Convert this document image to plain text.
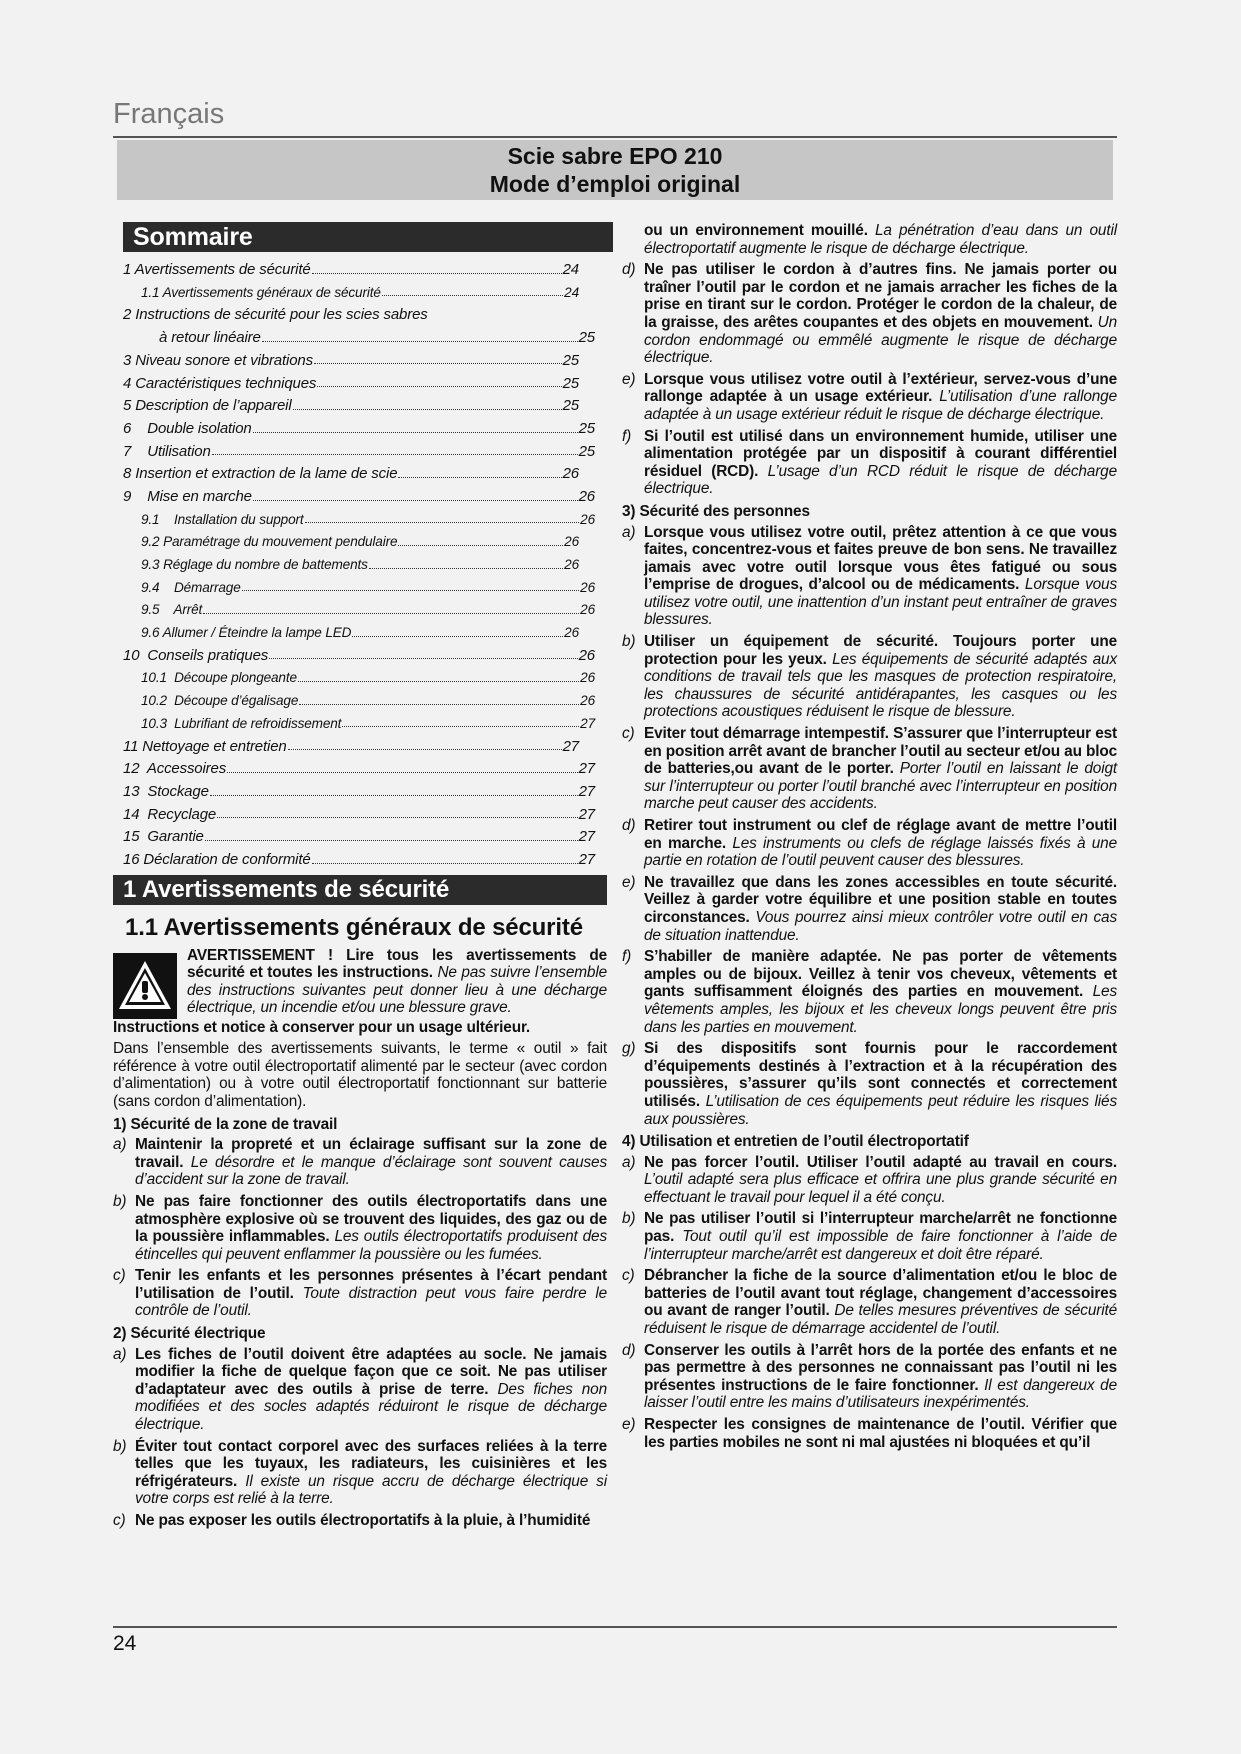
Français
Scie sabre EPO 210
Mode d’emploi original
Sommaire
1 Avertissements de sécurité	24
1.1 Avertissements généraux de sécurité	24
2 Instructions de sécurité pour les scies sabres
à retour linéaire	25
3 Niveau sonore et vibrations	25
4 Caractéristiques techniques	25
5 Description de l’appareil	25
6    Double isolation	25
7    Utilisation	25
8 Insertion et extraction de la lame de scie	26
9    Mise en marche	26
9.1    Installation du support	26
9.2 Paramétrage du mouvement pendulaire	26
9.3 Réglage du nombre de battements	26
9.4    Démarrage	26
9.5    Arrêt	26
9.6 Allumer / Éteindre la lampe LED	26
10  Conseils pratiques	26
10.1  Découpe plongeante	26
10.2  Découpe d’égalisage	26
10.3  Lubrifiant de refroidissement	27
11 Nettoyage et entretien	27
12  Accessoires	27
13  Stockage	27
14  Recyclage	27
15  Garantie	27
16 Déclaration de conformité	27
1 Avertissements de sécurité
1.1 Avertissements généraux de sécurité
AVERTISSEMENT ! Lire tous les avertissements de sécurité et toutes les instructions. Ne pas suivre l’ensemble des instructions suivantes peut donner lieu à une décharge électrique, un incendie et/ou une blessure grave.

Instructions et notice à conserver pour un usage ultérieur.

Dans l’ensemble des avertissements suivants, le terme « outil » fait référence à votre outil électroportatif alimenté par le secteur (avec cordon d’alimentation) ou à votre outil électroportatif fonctionnant sur batterie (sans cordon d’alimentation).

1) Sécurité de la zone de travail
a) Maintenir la propreté et un éclairage suffisant sur la zone de travail. Le désordre et le manque d’éclairage sont souvent causes d’accident sur la zone de travail.
b) Ne pas faire fonctionner des outils électroportatifs dans une atmosphère explosive où se trouvent des liquides, des gaz ou de la poussière inflammables. Les outils électroportatifs produisent des étincelles qui peuvent enflammer la poussière ou les fumées.
c) Tenir les enfants et les personnes présentes à l’écart pendant l’utilisation de l’outil. Toute distraction peut vous faire perdre le contrôle de l’outil.
2) Sécurité électrique
a) Les fiches de l’outil doivent être adaptées au socle. Ne jamais modifier la fiche de quelque façon que ce soit. Ne pas utiliser d’adaptateur avec des outils à prise de terre. Des fiches non modifiées et des socles adaptés réduiront le risque de décharge électrique.
b) Éviter tout contact corporel avec des surfaces reliées à la terre telles que les tuyaux, les radiateurs, les cuisinières et les réfrigérateurs. Il existe un risque accru de décharge électrique si votre corps est relié à la terre.
c) Ne pas exposer les outils électroportatifs à la pluie, à l’humidité
ou un environnement mouillé. La pénétration d’eau dans un outil électroportatif augmente le risque de décharge électrique.
d) Ne pas utiliser le cordon à d’autres fins. Ne jamais porter ou traîner l’outil par le cordon et ne jamais arracher les fiches de la prise en tirant sur le cordon. Protéger le cordon de la chaleur, de la graisse, des arêtes coupantes et des objets en mouvement. Un cordon endommagé ou emmêlé augmente le risque de décharge électrique.
e) Lorsque vous utilisez votre outil à l’extérieur, servez-vous d’une rallonge adaptée à un usage extérieur. L’utilisation d’une rallonge adaptée à un usage extérieur réduit le risque de décharge électrique.
f) Si l’outil est utilisé dans un environnement humide, utiliser une alimentation protégée par un dispositif à courant différentiel résiduel (RCD). L’usage d’un RCD réduit le risque de décharge électrique.
3) Sécurité des personnes
a) Lorsque vous utilisez votre outil, prêtez attention à ce que vous faites, concentrez-vous et faites preuve de bon sens. Ne travaillez jamais avec votre outil lorsque vous êtes fatigué ou sous l’emprise de drogues, d’alcool ou de médicaments. Lorsque vous utilisez votre outil, une inattention d’un instant peut entraîner de graves blessures.
b) Utiliser un équipement de sécurité. Toujours porter une protection pour les yeux. Les équipements de sécurité adaptés aux conditions de travail tels que les masques de protection respiratoire, les chaussures de sécurité antidérapantes, les casques ou les protections acoustiques réduisent le risque de blessure.
c) Eviter tout démarrage intempestif. S’assurer que l’interrupteur est en position arrêt avant de brancher l’outil au secteur et/ou au bloc de batteries,ou avant de le porter. Porter l’outil en laissant le doigt sur l’interrupteur ou porter l’outil branché avec l’interrupteur en position marche peut causer des accidents.
d) Retirer tout instrument ou clef de réglage avant de mettre l’outil en marche. Les instruments ou clefs de réglage laissés fixés à une partie en rotation de l’outil peuvent causer des blessures.
e) Ne travaillez que dans les zones accessibles en toute sécurité. Veillez à garder votre équilibre et une position stable en toutes circonstances. Vous pourrez ainsi mieux contrôler votre outil en cas de situation inattendue.
f) S’habiller de manière adaptée. Ne pas porter de vêtements amples ou de bijoux. Veillez à tenir vos cheveux, vêtements et gants suffisamment éloignés des parties en mouvement. Les vêtements amples, les bijoux et les cheveux longs peuvent être pris dans les parties en mouvement.
g) Si des dispositifs sont fournis pour le raccordement d’équipements destinés à l’extraction et à la récupération des poussières, s’assurer qu’ils sont connectés et correctement utilisés. L’utilisation de ces équipements peut réduire les risques liés aux poussières.
4) Utilisation et entretien de l’outil électroportatif
a) Ne pas forcer l’outil. Utiliser l’outil adapté au travail en cours. L’outil adapté sera plus efficace et offrira une plus grande sécurité en effectuant le travail pour lequel il a été conçu.
b) Ne pas utiliser l’outil si l’interrupteur marche/arrêt ne fonctionne pas. Tout outil qu’il est impossible de faire fonctionner à l’aide de l’interrupteur marche/arrêt est dangereux et doit être réparé.
c) Débrancher la fiche de la source d’alimentation et/ou le bloc de batteries de l’outil avant tout réglage, changement d’accessoires ou avant de ranger l’outil. De telles mesures préventives de sécurité réduisent le risque de démarrage accidentel de l’outil.
d) Conserver les outils à l’arrêt hors de la portée des enfants et ne pas permettre à des personnes ne connaissant pas l’outil ni les présentes instructions de le faire fonctionner. Il est dangereux de laisser l’outil entre les mains d’utilisateurs inexpérimentés.
e) Respecter les consignes de maintenance de l’outil. Vérifier que les parties mobiles ne sont ni mal ajustées ni bloquées et qu’il
24
